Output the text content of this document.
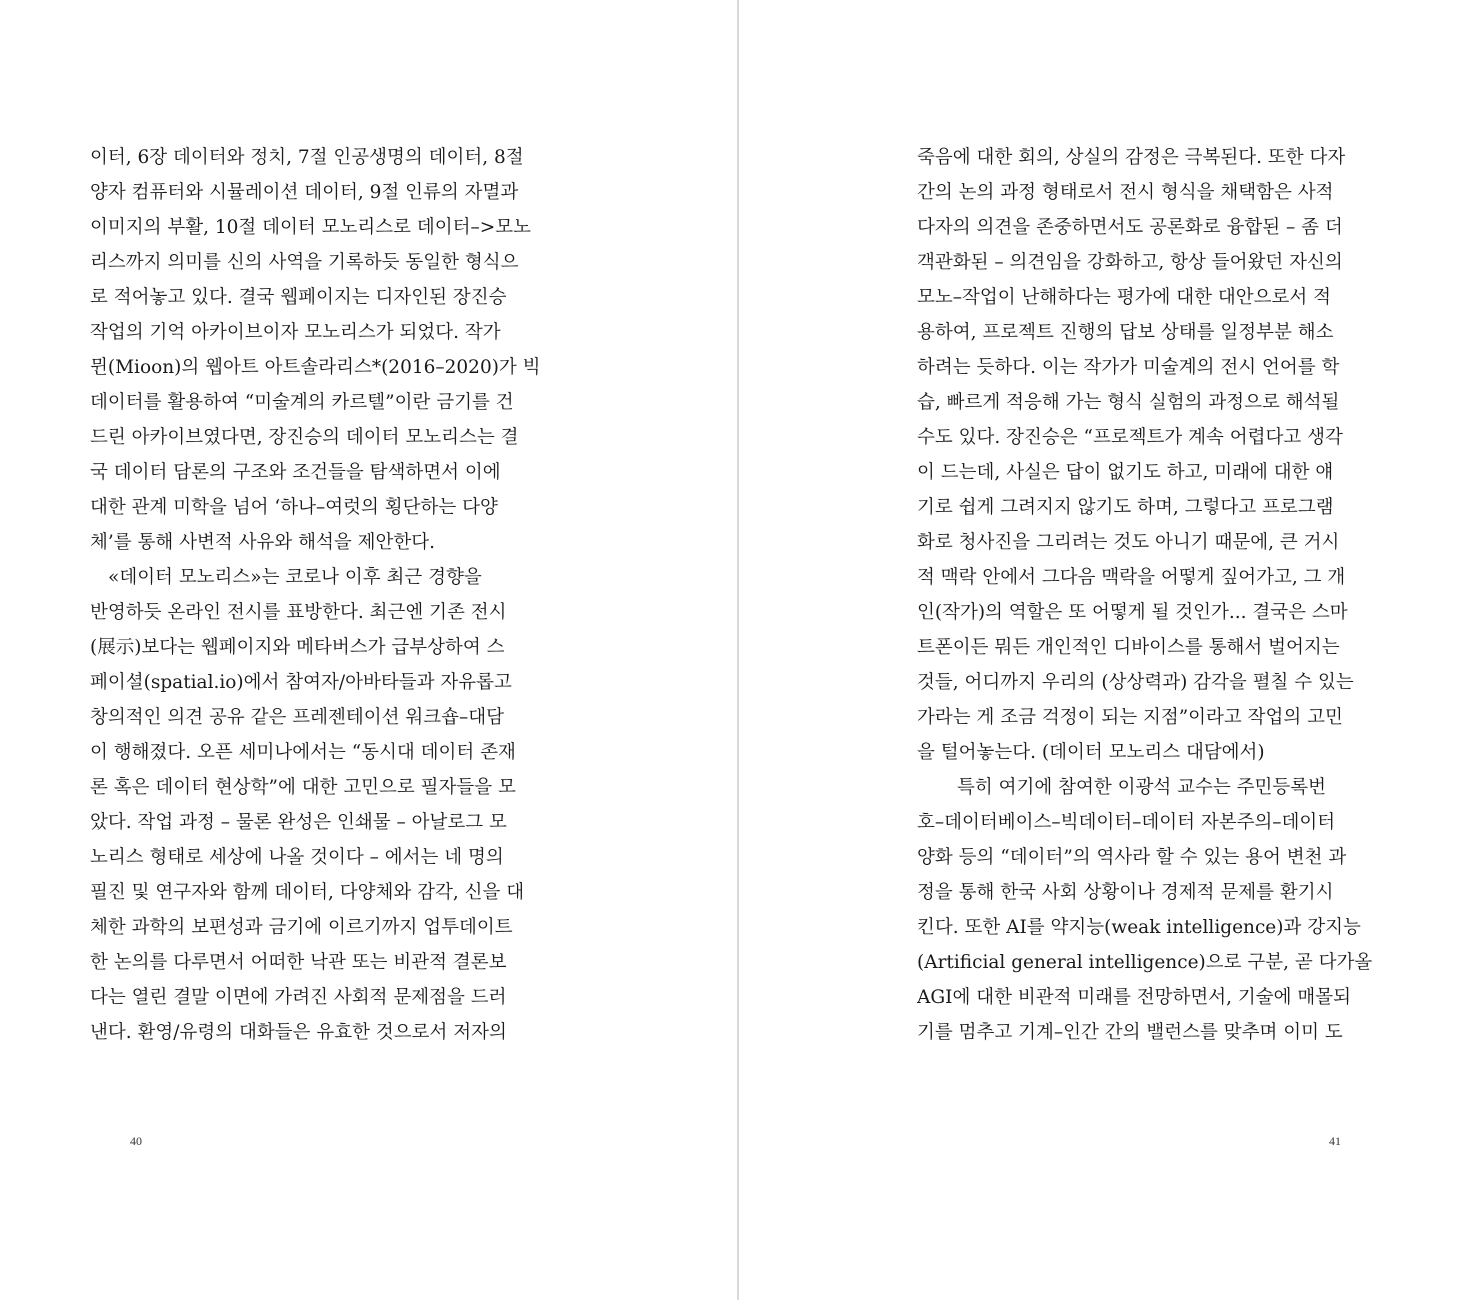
이터, 6장 데이터와 정치, 7절 인공생명의 데이터, 8절
양자 컴퓨터와 시뮬레이션 데이터, 9절 인류의 자멸과
이미지의 부활, 10절 데이터 모노리스로 데이터–>모노
리스까지 의미를 신의 사역을 기록하듯 동일한 형식으
로 적어놓고 있다. 결국 웹페이지는 디자인된 장진승
작업의 기억 아카이브이자 모노리스가 되었다. 작가
뮌(Mioon)의 웹아트 아트솔라리스*(2016–2020)가 빅
데이터를 활용하여 “미술계의 카르텔”이란 금기를 건
드린 아카이브였다면, 장진승의 데이터 모노리스는 결
국 데이터 담론의 구조와 조건들을 탐색하면서 이에
대한 관계 미학을 넘어 ‘하나–여럿의 횡단하는 다양
체’를 통해 사변적 사유와 해석을 제안한다.
«데이터 모노리스»는 코로나 이후 최근 경향을
반영하듯 온라인 전시를 표방한다. 최근엔 기존 전시
(展示)보다는 웹페이지와 메타버스가 급부상하여 스
페이셜(spatial.io)에서 참여자/아바타들과 자유롭고
창의적인 의견 공유 같은 프레젠테이션 워크숍–대담
이 행해졌다. 오픈 세미나에서는 “동시대 데이터 존재
론 혹은 데이터 현상학”에 대한 고민으로 필자들을 모
았다. 작업 과정 – 물론 완성은 인쇄물 – 아날로그 모
노리스 형태로 세상에 나올 것이다 – 에서는 네 명의
필진 및 연구자와 함께 데이터, 다양체와 감각, 신을 대
체한 과학의 보편성과 금기에 이르기까지 업투데이트
한 논의를 다루면서 어떠한 낙관 또는 비관적 결론보
다는 열린 결말 이면에 가려진 사회적 문제점을 드러
낸다. 환영/유령의 대화들은 유효한 것으로서 저자의
40
죽음에 대한 회의, 상실의 감정은 극복된다. 또한 다자
간의 논의 과정 형태로서 전시 형식을 채택함은 사적
다자의 의견을 존중하면서도 공론화로 융합된 – 좀 더
객관화된 – 의견임을 강화하고, 항상 들어왔던 자신의
모노–작업이 난해하다는 평가에 대한 대안으로서 적
용하여, 프로젝트 진행의 답보 상태를 일정부분 해소
하려는 듯하다. 이는 작가가 미술계의 전시 언어를 학
습, 빠르게 적응해 가는 형식 실험의 과정으로 해석될
수도 있다. 장진승은 “프로젝트가 계속 어렵다고 생각
이 드는데, 사실은 답이 없기도 하고, 미래에 대한 얘
기로 쉽게 그려지지 않기도 하며, 그렇다고 프로그램
화로 청사진을 그리려는 것도 아니기 때문에, 큰 거시
적 맥락 안에서 그다음 맥락을 어떻게 짚어가고, 그 개
인(작가)의 역할은 또 어떻게 될 것인가... 결국은 스마
트폰이든 뭐든 개인적인 디바이스를 통해서 벌어지는
것들, 어디까지 우리의 (상상력과) 감각을 펼칠 수 있는
가라는 게 조금 걱정이 되는 지점”이라고 작업의 고민
을 털어놓는다. (데이터 모노리스 대담에서)
특히 여기에 참여한 이광석 교수는 주민등록번
호–데이터베이스–빅데이터–데이터 자본주의–데이터
양화 등의 “데이터”의 역사라 할 수 있는 용어 변천 과
정을 통해 한국 사회 상황이나 경제적 문제를 환기시
킨다. 또한 AI를 약지능(weak intelligence)과 강지능
(Artificial general intelligence)으로 구분, 곧 다가올
AGI에 대한 비관적 미래를 전망하면서, 기술에 매몰되
기를 멈추고 기계–인간 간의 밸런스를 맞추며 이미 도
41
